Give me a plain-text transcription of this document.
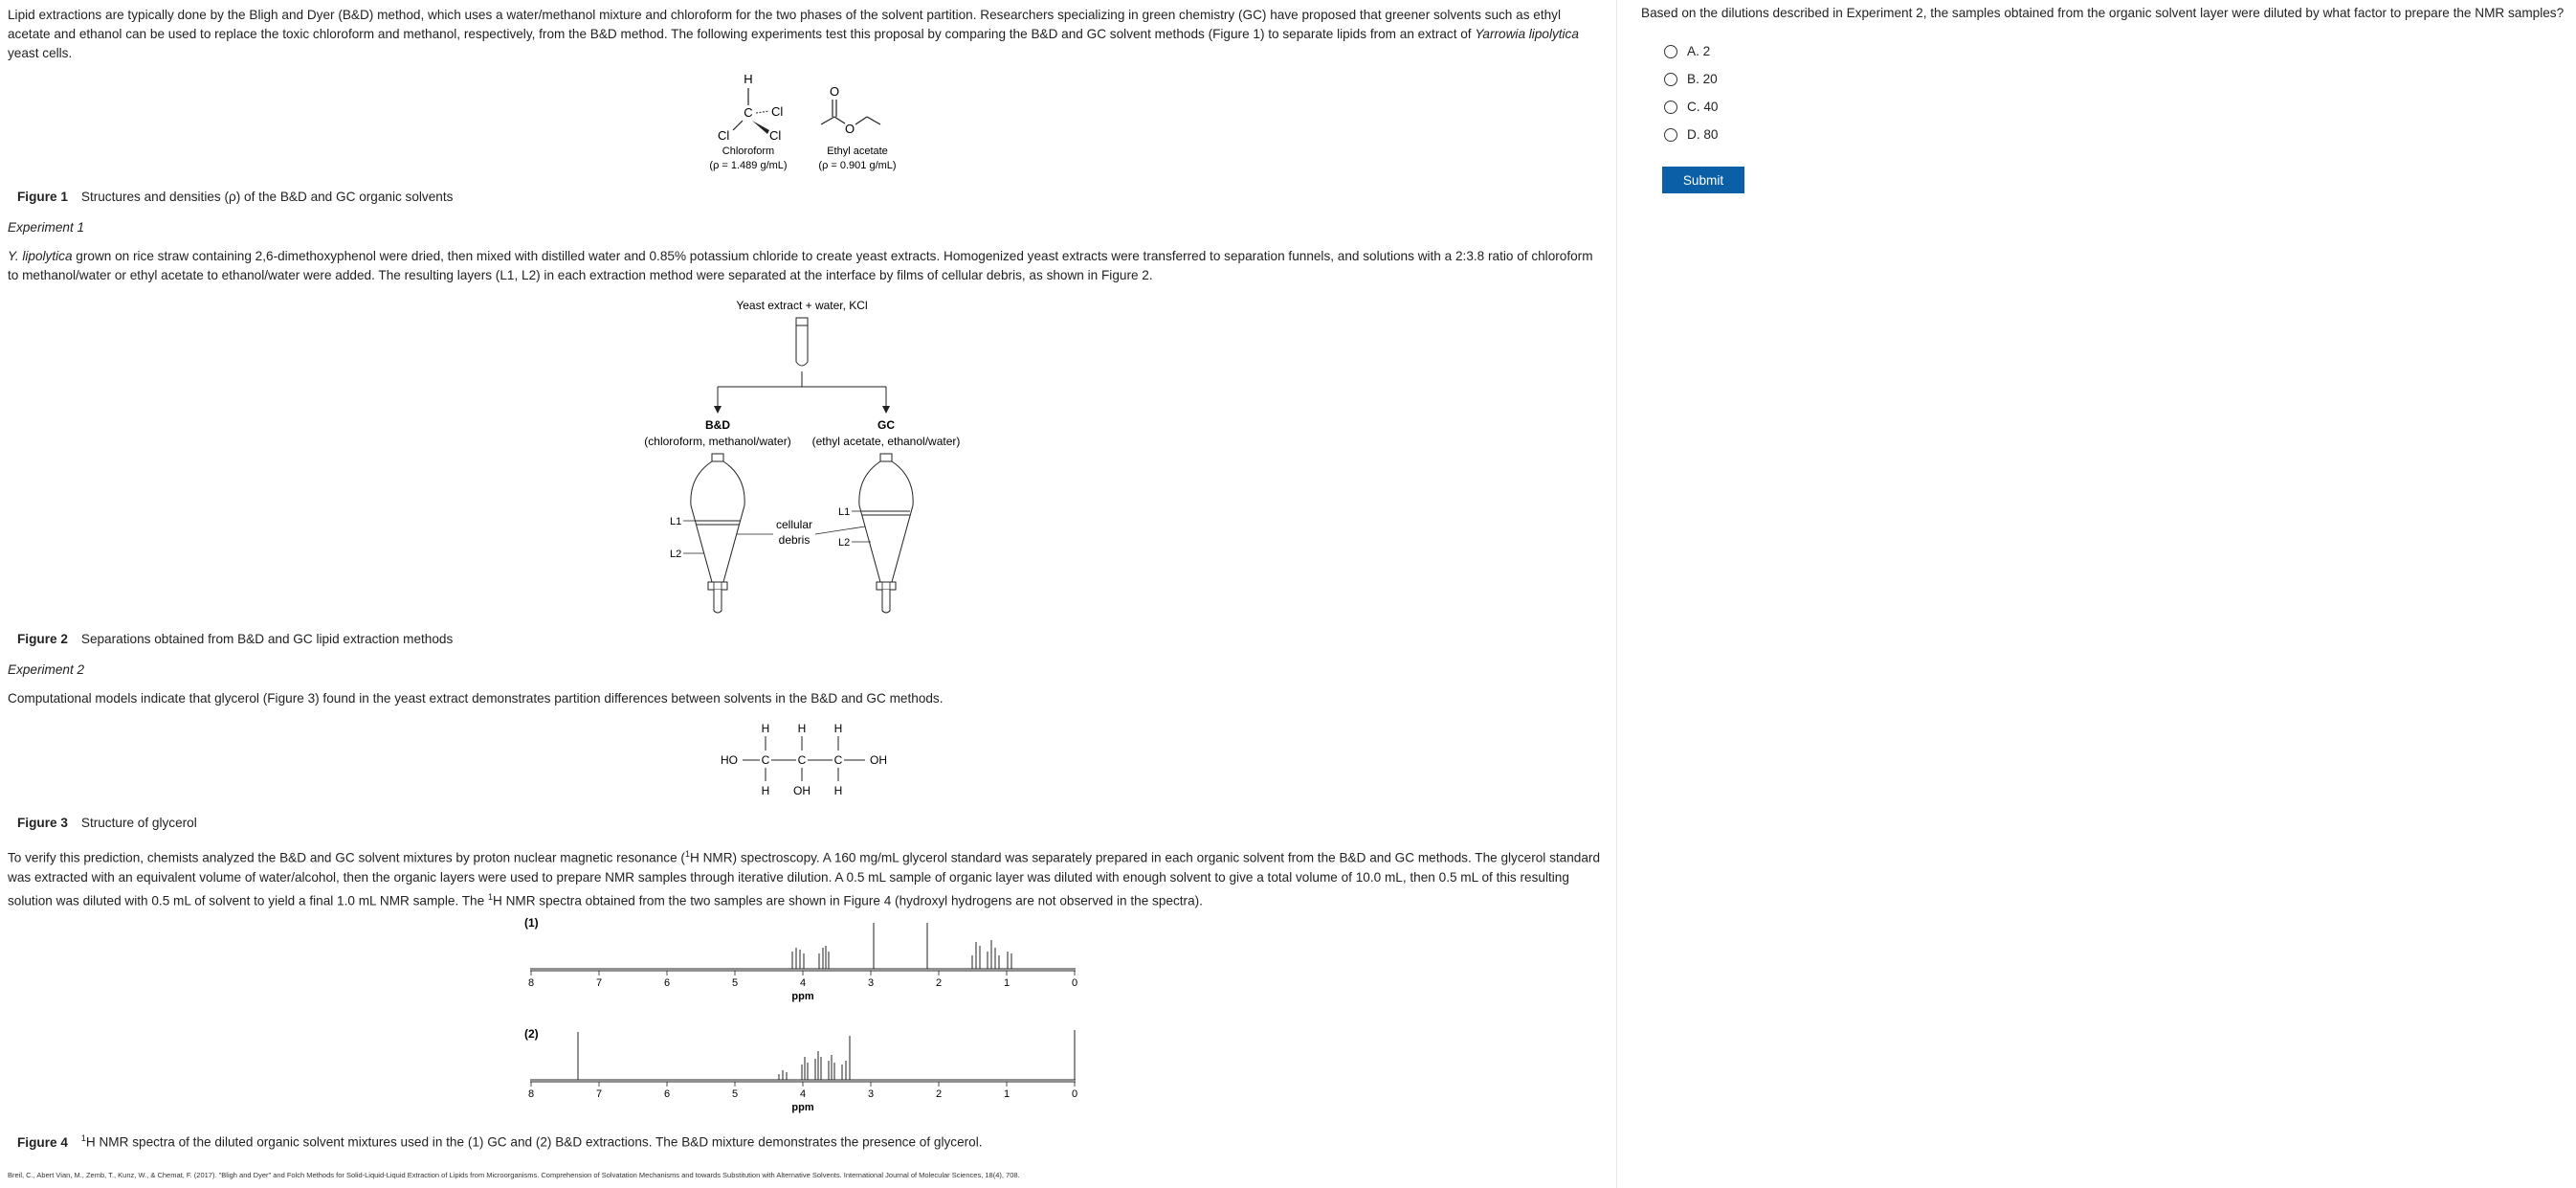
Lipid extractions are typically done by the Bligh and Dyer (B&D) method, which uses a water/methanol mixture and chloroform for the two phases of the solvent partition. Researchers specializing in green chemistry (GC) have proposed that greener solvents such as ethyl acetate and ethanol can be used to replace the toxic chloroform and methanol, respectively, from the B&D method. The following experiments test this proposal by comparing the B&D and GC solvent methods (Figure 1) to separate lipids from an extract of Yarrowia lipolytica yeast cells.

H
C Cl
Cl	Cl
Chloroform
(ρ = 1.489 g/mL)
O
O
Ethyl acetate
(ρ = 0.901 g/mL)
Figure 1 Structures and densities (ρ) of the B&D and GC organic solvents
Experiment 1

Y. lipolytica grown on rice straw containing 2,6-dimethoxyphenol were dried, then mixed with distilled water and 0.85% potassium chloride to create yeast extracts. Homogenized yeast extracts were transferred to separation funnels, and solutions with a 2:3.8 ratio of chloroform to methanol/water or ethyl acetate to ethanol/water were added. The resulting layers (L1, L2) in each extraction method were separated at the interface by films of cellular debris, as shown in Figure 2.

Yeast extract + water, KCl
B&D
(chloroform, methanol/water)
GC
(ethyl acetate, ethanol/water)
L1
L2
L1
L2
cellular
debris
Figure 2 Separations obtained from B&D and GC lipid extraction methods
Experiment 2

Computational models indicate that glycerol (Figure 3) found in the yeast extract demonstrates partition differences between solvents in the B&D and GC methods.

H H H
HO C C C OH
H OH H
Figure 3 Structure of glycerol

To verify this prediction, chemists analyzed the B&D and GC solvent mixtures by proton nuclear magnetic resonance ($^1$H NMR) spectroscopy. A 160 mg/mL glycerol standard was separately prepared in each organic solvent from the B&D and GC methods. The glycerol standard was extracted with an equivalent volume of water/alcohol, then the organic layers were used to prepare NMR samples through iterative dilution. A 0.5 mL sample of organic layer was diluted with enough solvent to give a total volume of 10.0 mL, then 0.5 mL of this resulting solution was diluted with 0.5 mL of solvent to yield a final 1.0 mL NMR sample. The $^1$H NMR spectra obtained from the two samples are shown in Figure 4 (hydroxyl hydrogens are not observed in the spectra).

(1)
8	7	6	5	4	3	2	1	0
ppm
(2)
8	7	6	5	4	3	2	1	0
ppm
Figure 4 $^1$H NMR spectra of the diluted organic solvent mixtures used in the (1) GC and (2) B&D extractions. The B&D mixture demonstrates the presence of glycerol.
Breil, C., Abert Vian, M., Zemb, T., Kunz, W., & Chemat, F. (2017). "Bligh and Dyer" and Folch Methods for Solid-Liquid-Liquid Extraction of Lipids from Microorganisms. Comprehension of Solvatation Mechanisms and towards Substitution with Alternative Solvents. International Journal of Molecular Sciences, 18(4), 708.
Based on the dilutions described in Experiment 2, the samples obtained from the organic solvent layer were diluted by what factor to prepare the NMR samples?
A.
2
B.
20
C.
40
D.
80
Submit
